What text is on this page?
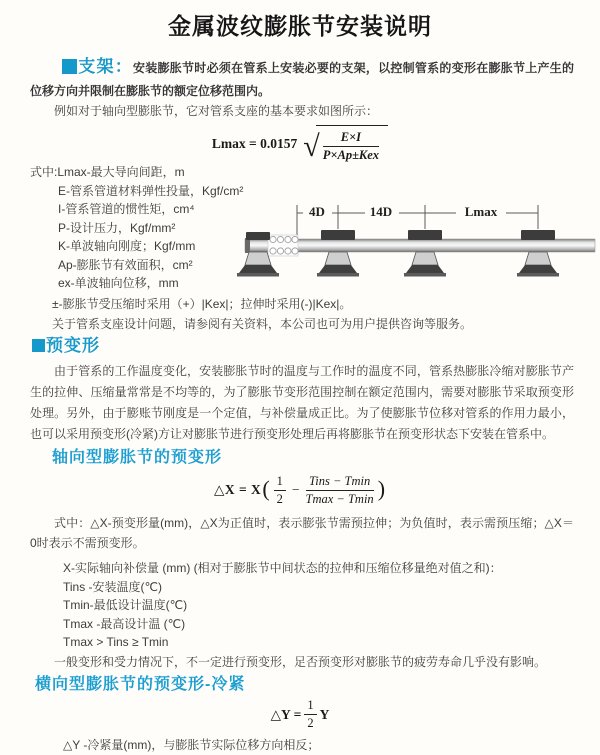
金属波纹膨胀节安装说明

支架：安装膨胀节时必须在管系上安装必要的支架，以控制管系的变形在膨胀节上产生的位移方向并限制在膨胀节的额定位移范围内。

例如对于轴向型膨胀节，它对管系支座的基本要求如图所示：

Lmax = 0.0157 √ $\frac{E\times I}{\text{P×Ap±Kex}}$
式中:Lmax-最大导向间距，m
E-管系管道材料弹性投量，Kgf/cm²
I-管系管道的惯性矩，cm⁴
P-设计压力，Kgf/mm²
K-单波轴向刚度；Kgf/mm
Ap-膨胀节有效面积，cm²
ex-单波轴向位移，mm
±-膨胀节受压缩时采用（+）|Kex|；拉伸时采用(-)|Kex|。
关于管系支座设计问题，请参阅有关资料，本公司也可为用户提供咨询等服务。
4D	14D	Lmax
预变形

由于管系的工作温度变化，安装膨胀节时的温度与工作时的温度不同，管系热膨胀冷缩对膨胀节产生的拉伸、压缩量常常是不均等的，为了膨胀节变形范围控制在额定范围内，需要对膨胀节采取预变形处理。另外，由于膨账节刚度是一个定值，与补偿量成正比。为了使膨胀节位移对管系的作用力最小，也可以采用预变形(冷紧)方让对膨胀节进行预变形处理后再将膨胀节在预变形状态下安装在管系中。

轴向型膨胀节的预变形
△X = X ( $\frac{1}{2} - \frac{\text{Tins − Tmin}}{Tmax - Tmin}$ )

式中：△X-预变形量(mm)，△X为正值时，表示膨张节需预拉伸；为负值时，表示需预压缩；△X＝0时表示不需预变形。

X-实际轴向补偿量 (mm) (相对于膨胀节中间状态的拉伸和压缩位移量绝对值之和)：
Tins -安装温度(℃)
Tmin-最低设计温度(℃)
Tmax -最高设计温 (℃)
Tmax > Tins ≥ Tmin

一般变形和受力情况下，不一定进行预变形，足否预变形对膨胀节的疲劳寿命几乎没有影响。

横向型膨胀节的预变形-冷紧
△Y = $\frac{1}{2}$ Y

△Y -冷紧量(mm)，与膨胀节实际位移方向相反；
